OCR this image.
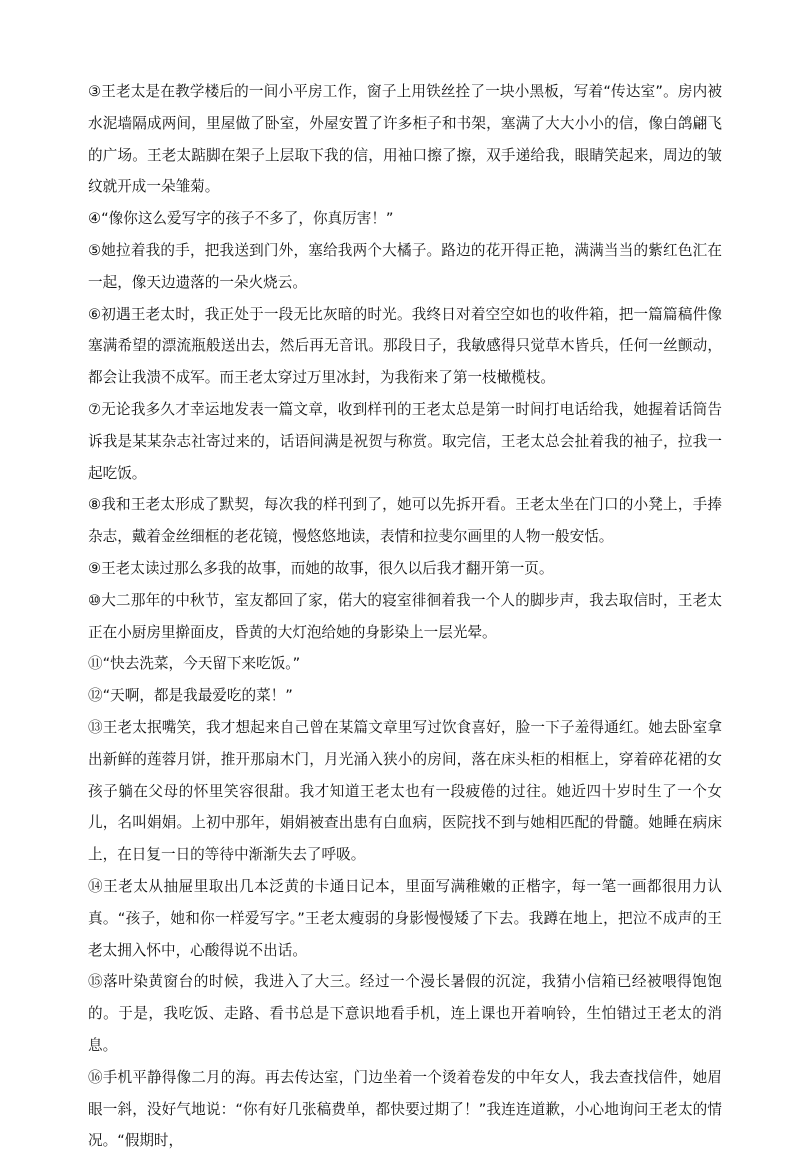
③王老太是在教学楼后的一间小平房工作，窗子上用铁丝拴了一块小黑板，写着“传达室”。房内被水泥墙隔成两间，里屋做了卧室，外屋安置了许多柜子和书架，塞满了大大小小的信，像白鸽翩飞的广场。王老太踮脚在架子上层取下我的信，用袖口擦了擦，双手递给我，眼睛笑起来，周边的皱纹就开成一朵雏菊。

④“像你这么爱写字的孩子不多了，你真厉害！”

⑤她拉着我的手，把我送到门外，塞给我两个大橘子。路边的花开得正艳，满满当当的紫红色汇在一起，像天边遗落的一朵火烧云。

⑥初遇王老太时，我正处于一段无比灰暗的时光。我终日对着空空如也的收件箱，把一篇篇稿件像塞满希望的漂流瓶般送出去，然后再无音讯。那段日子，我敏感得只觉草木皆兵，任何一丝颤动，都会让我溃不成军。而王老太穿过万里冰封，为我衔来了第一枝橄榄枝。

⑦无论我多久才幸运地发表一篇文章，收到样刊的王老太总是第一时间打电话给我，她握着话筒告诉我是某某杂志社寄过来的，话语间满是祝贺与称赏。取完信，王老太总会扯着我的袖子，拉我一起吃饭。

⑧我和王老太形成了默契，每次我的样刊到了，她可以先拆开看。王老太坐在门口的小凳上，手捧杂志，戴着金丝细框的老花镜，慢悠悠地读，表情和拉斐尔画里的人物一般安恬。

⑨王老太读过那么多我的故事，而她的故事，很久以后我才翻开第一页。

⑩大二那年的中秋节，室友都回了家，偌大的寝室徘徊着我一个人的脚步声，我去取信时，王老太正在小厨房里擀面皮，昏黄的大灯泡给她的身影染上一层光晕。

⑪“快去洗菜，今天留下来吃饭。”

⑫“天啊，都是我最爱吃的菜！”

⑬王老太抿嘴笑，我才想起来自己曾在某篇文章里写过饮食喜好，脸一下子羞得通红。她去卧室拿出新鲜的莲蓉月饼，推开那扇木门，月光涌入狭小的房间，落在床头柜的相框上，穿着碎花裙的女孩子躺在父母的怀里笑容很甜。我才知道王老太也有一段疲倦的过往。她近四十岁时生了一个女儿，名叫娟娟。上初中那年，娟娟被查出患有白血病，医院找不到与她相匹配的骨髓。她睡在病床上，在日复一日的等待中渐渐失去了呼吸。

⑭王老太从抽屉里取出几本泛黄的卡通日记本，里面写满稚嫩的正楷字，每一笔一画都很用力认真。“孩子，她和你一样爱写字。”王老太瘦弱的身影慢慢矮了下去。我蹲在地上，把泣不成声的王老太拥入怀中，心酸得说不出话。

⑮落叶染黄窗台的时候，我进入了大三。经过一个漫长暑假的沉淀，我猜小信箱已经被喂得饱饱的。于是，我吃饭、走路、看书总是下意识地看手机，连上课也开着响铃，生怕错过王老太的消息。

⑯手机平静得像二月的海。再去传达室，门边坐着一个烫着卷发的中年女人，我去查找信件，她眉眼一斜，没好气地说：“你有好几张稿费单，都快要过期了！”我连连道歉，小心地询问王老太的情况。“假期时，
